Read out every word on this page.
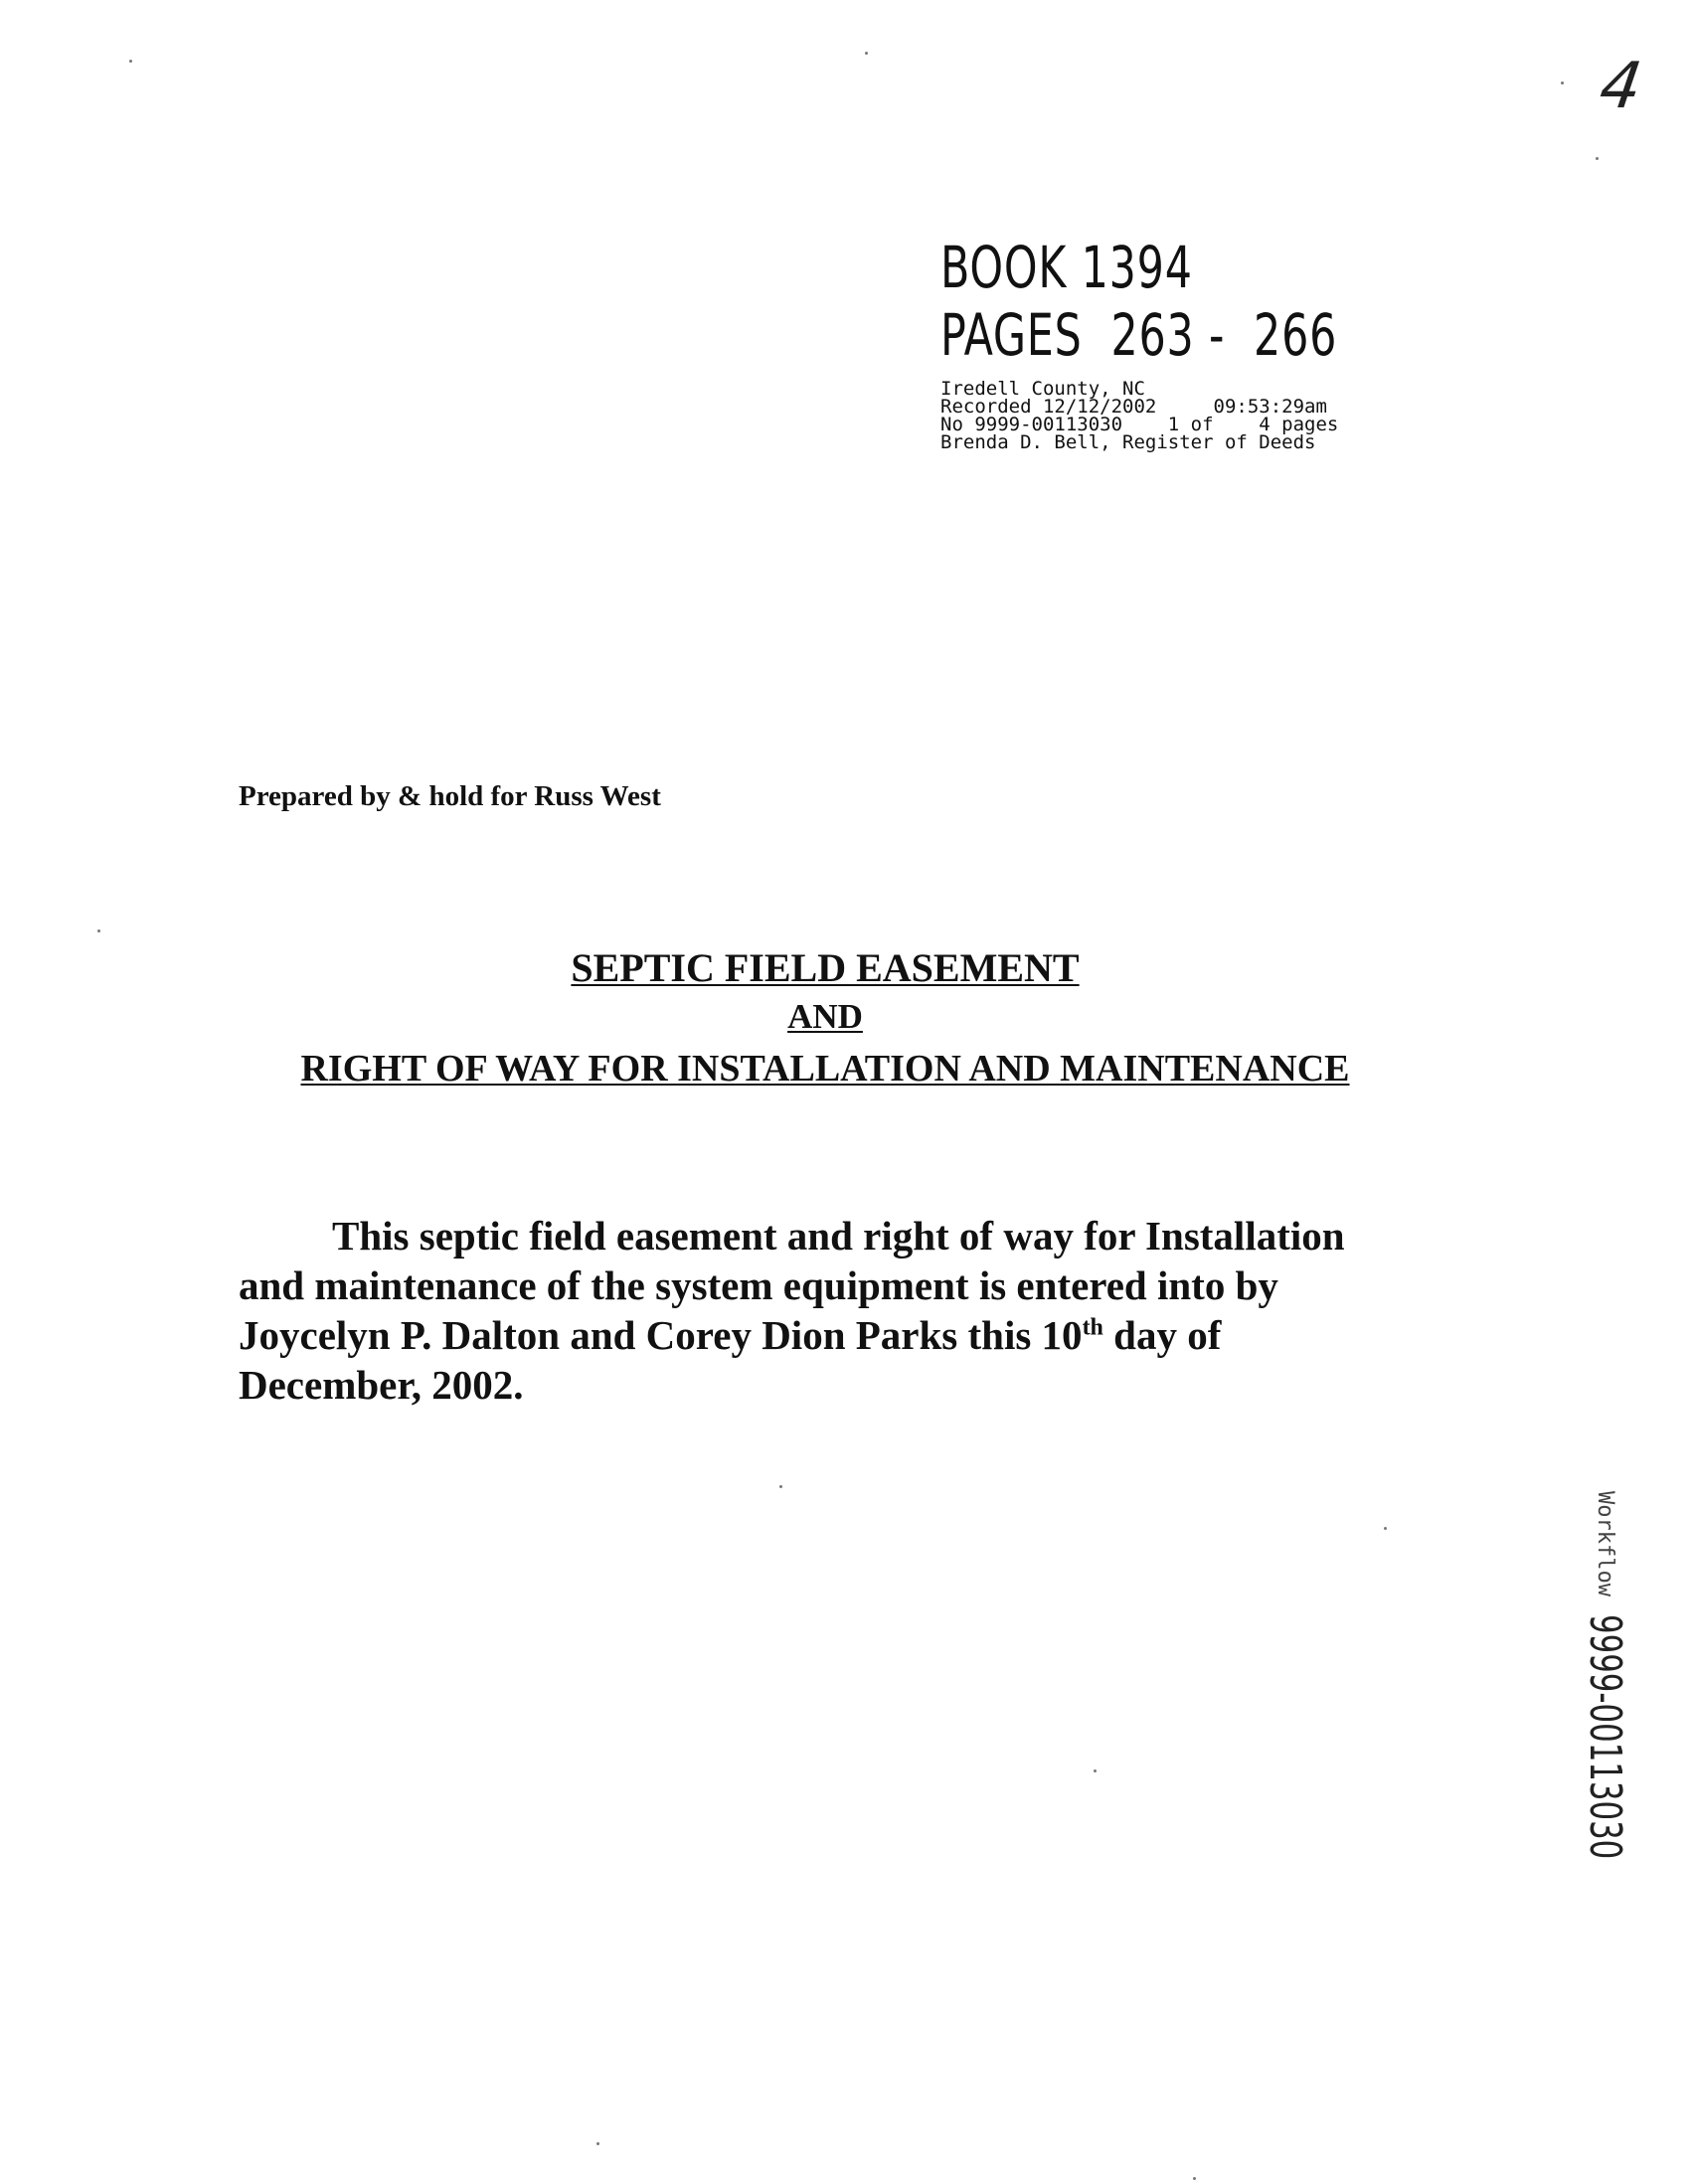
4
BOOK 1394
PAGES  263 -  266
Iredell County, NC
Recorded 12/12/2002     09:53:29am
No 9999-00113030    1 of    4 pages
Brenda D. Bell, Register of Deeds
Prepared by & hold for Russ West
SEPTIC FIELD EASEMENT
AND
RIGHT OF WAY FOR INSTALLATION AND MAINTENANCE
This septic field easement and right of way for Installation
and maintenance of the system equipment is entered into by
Joycelyn P. Dalton and Corey Dion Parks this 10th day of
December, 2002.
Workflow 9999-00113030
